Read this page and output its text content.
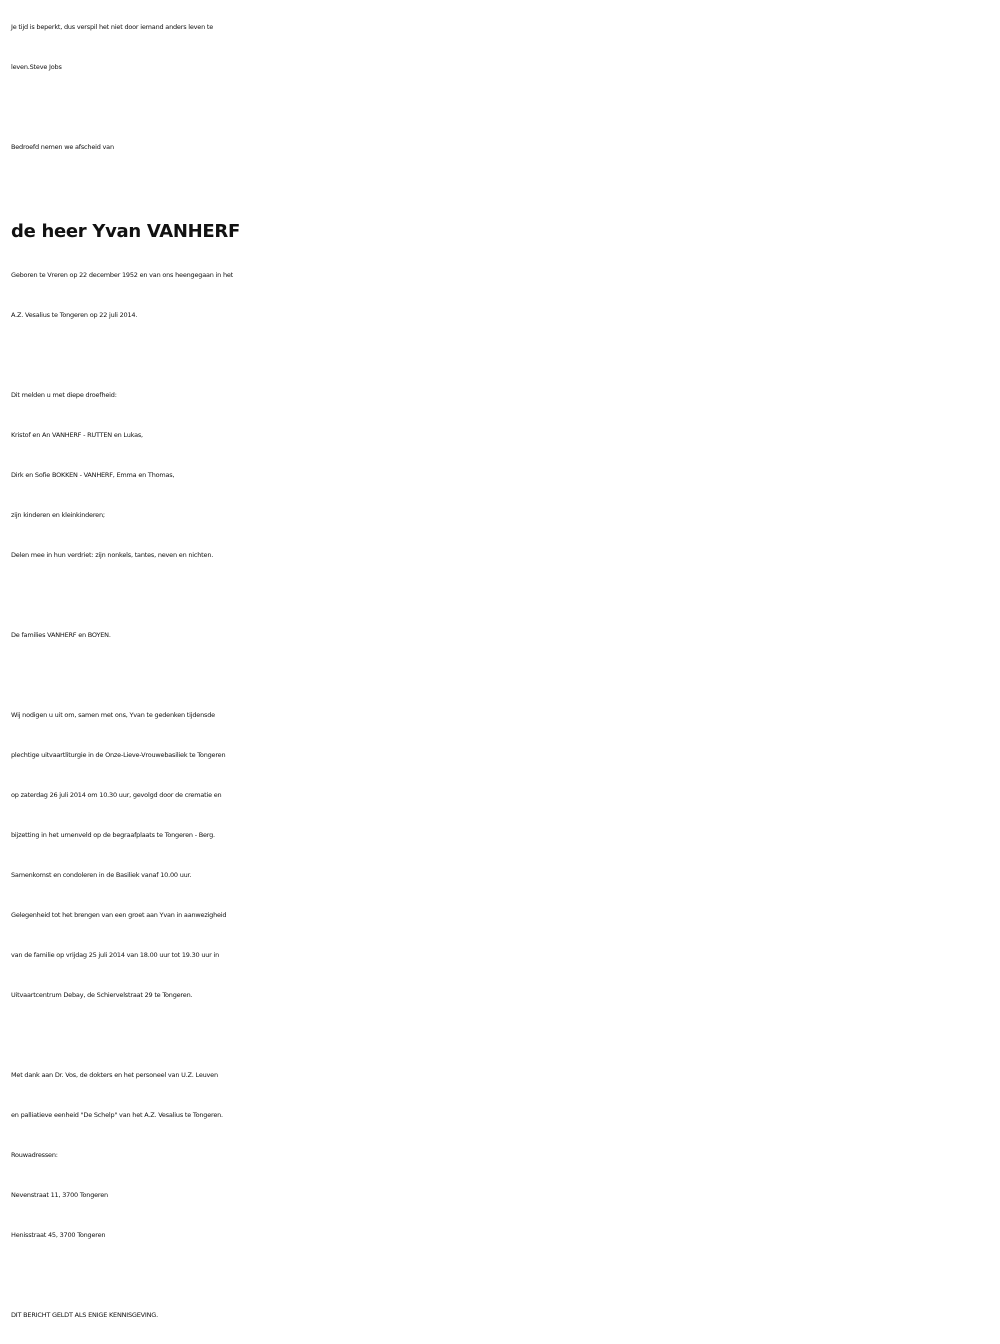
Je tijd is beperkt, dus verspil het niet door iemand anders leven te
leven.Steve Jobs
Bedroefd nemen we afscheid van
de heer Yvan VANHERF
Geboren te Vreren op 22 december 1952 en van ons heengegaan in het
A.Z. Vesalius te Tongeren op 22 juli 2014.
Dit melden u met diepe droefheid:
Kristof en An VANHERF - RUTTEN en Lukas,
Dirk en Sofie BOKKEN - VANHERF, Emma en Thomas,
zijn kinderen en kleinkinderen;
Delen mee in hun verdriet: zijn nonkels, tantes, neven en nichten.
De families VANHERF en BOYEN.
Wij nodigen u uit om, samen met ons, Yvan te gedenken tijdensde
plechtige uitvaartliturgie in de Onze-Lieve-Vrouwebasiliek te Tongeren
op zaterdag 26 juli 2014 om 10.30 uur, gevolgd door de crematie en
bijzetting in het urnenveld op de begraafplaats te Tongeren - Berg.
Samenkomst en condoleren in de Basiliek vanaf 10.00 uur.
Gelegenheid tot het brengen van een groet aan Yvan in aanwezigheid
van de familie op vrijdag 25 juli 2014 van 18.00 uur tot 19.30 uur in
Uitvaartcentrum Debay, de Schiervelstraat 29 te Tongeren.
Met dank aan Dr. Vos, de dokters en het personeel van U.Z. Leuven
en palliatieve eenheid "De Schelp" van het A.Z. Vesalius te Tongeren.
Rouwadressen:
Nevenstraat 11, 3700 Tongeren
Henisstraat 45, 3700 Tongeren
DIT BERICHT GELDT ALS ENIGE KENNISGEVING.
